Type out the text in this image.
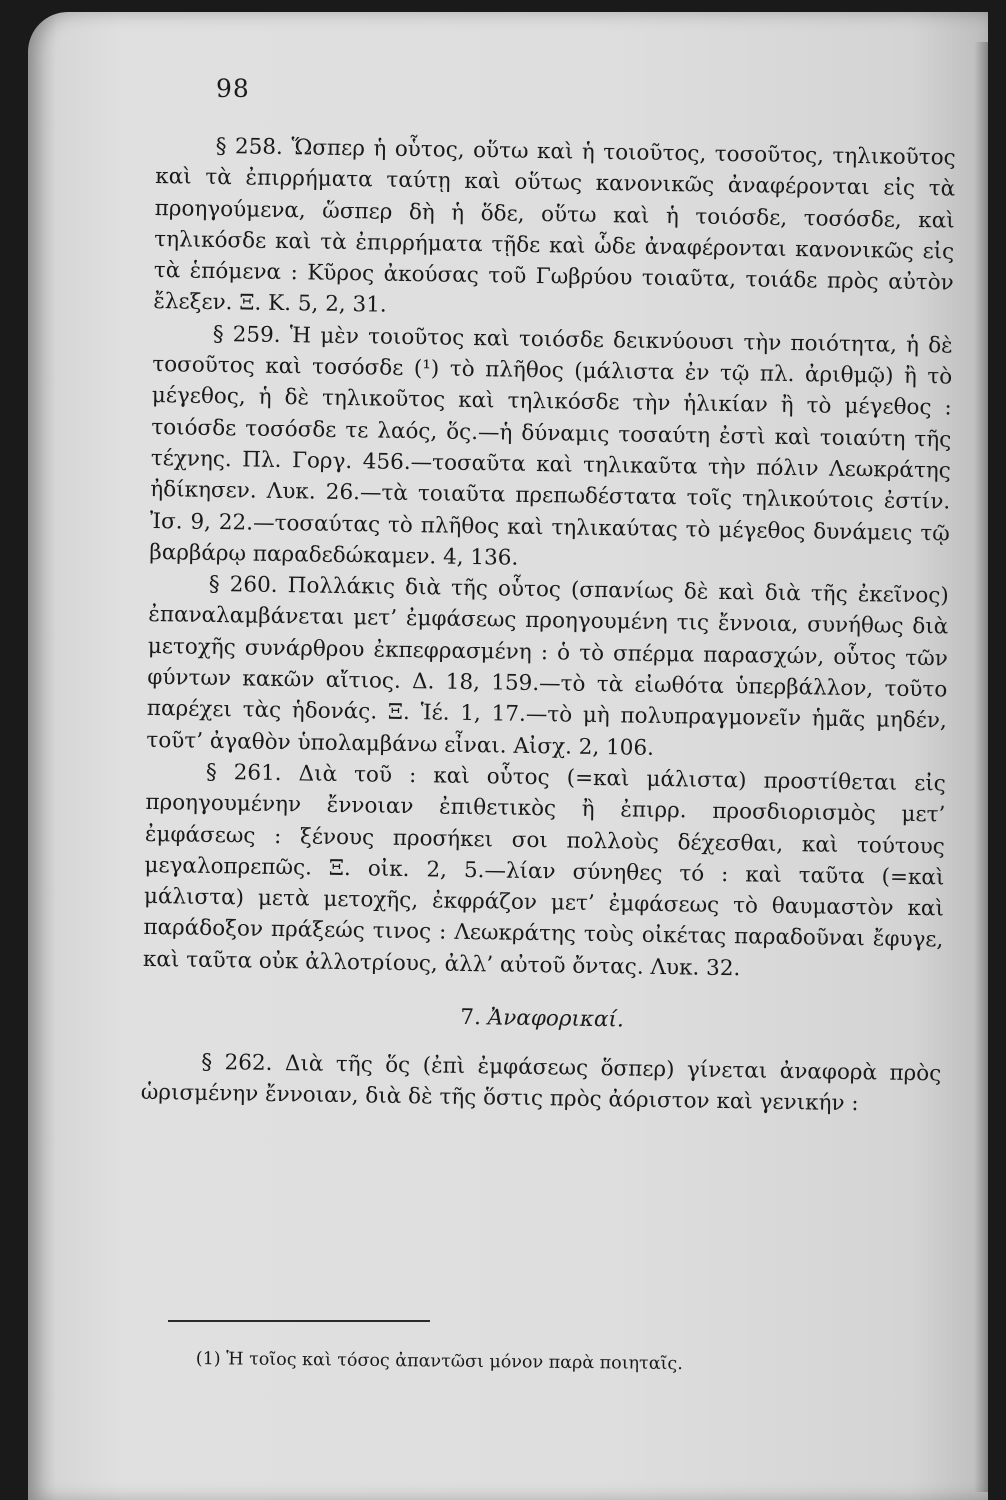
98

§ 258. Ὥσπερ ἡ οὗτος, οὕτω καὶ ἡ τοιοῦτος, τοσοῦτος, τηλικοῦτος καὶ τὰ ἐπιρρήματα ταύτῃ καὶ οὕτως κανονικῶς ἀναφέρονται εἰς τὰ προηγούμενα, ὥσπερ δὴ ἡ ὅδε, οὕτω καὶ ἡ τοιόσδε, τοσόσδε, καὶ τηλικόσδε καὶ τὰ ἐπιρρήματα τῇδε καὶ ὧδε ἀναφέρονται κανονικῶς εἰς τὰ ἑπόμενα : Κῦρος ἀκούσας τοῦ Γωβρύου τοιαῦτα, τοιάδε πρὸς αὐτὸν ἔλεξεν. Ξ. Κ. 5, 2, 31.

§ 259. Ἡ μὲν τοιοῦτος καὶ τοιόσδε δεικνύουσι τὴν ποιότητα, ἡ δὲ τοσοῦτος καὶ τοσόσδε (¹) τὸ πλῆθος (μάλιστα ἐν τῷ πλ. ἀριθμῷ) ἢ τὸ μέγεθος, ἡ δὲ τηλικοῦτος καὶ τηλικόσδε τὴν ἡλικίαν ἢ τὸ μέγεθος : τοιόσδε τοσόσδε τε λαός, ὅς.—ἡ δύναμις τοσαύτη ἐστὶ καὶ τοιαύτη τῆς τέχνης. Πλ. Γοργ. 456.—τοσαῦτα καὶ τηλικαῦτα τὴν πόλιν Λεωκράτης ἠδίκησεν. Λυκ. 26.—τὰ τοιαῦτα πρεπωδέστατα τοῖς τηλικούτοις ἐστίν. Ἰσ. 9, 22.—τοσαύτας τὸ πλῆθος καὶ τηλικαύτας τὸ μέγεθος δυνάμεις τῷ βαρβάρῳ παραδεδώκαμεν. 4, 136.

§ 260. Πολλάκις διὰ τῆς οὗτος (σπανίως δὲ καὶ διὰ τῆς ἐκεῖνος) ἐπαναλαμβάνεται μετ’ ἐμφάσεως προηγουμένη τις ἔννοια, συνήθως διὰ μετοχῆς συνάρθρου ἐκπεφρασμένη : ὁ τὸ σπέρμα παρασχών, οὗτος τῶν φύντων κακῶν αἴτιος. Δ. 18, 159.—τὸ τὰ εἰωθότα ὑπερβάλλον, τοῦτο παρέχει τὰς ἡδονάς. Ξ. Ἱέ. 1, 17.—τὸ μὴ πολυπραγμονεῖν ἡμᾶς μηδέν, τοῦτ’ ἀγαθὸν ὑπολαμβάνω εἶναι. Αἰσχ. 2, 106.

§ 261. Διὰ τοῦ : καὶ οὗτος (=καὶ μάλιστα) προστίθεται εἰς προηγουμένην ἔννοιαν ἐπιθετικὸς ἢ ἐπιρρ. προσδιορισμὸς μετ’ ἐμφάσεως : ξένους προσήκει σοι πολλοὺς δέχεσθαι, καὶ τούτους μεγαλοπρεπῶς. Ξ. οἰκ. 2, 5.—λίαν σύνηθες τό : καὶ ταῦτα (=καὶ μάλιστα) μετὰ μετοχῆς, ἐκφράζον μετ’ ἐμφάσεως τὸ θαυμαστὸν καὶ παράδοξον πράξεώς τινος : Λεωκράτης τοὺς οἰκέτας παραδοῦναι ἔφυγε, καὶ ταῦτα οὐκ ἀλλοτρίους, ἀλλ’ αὐτοῦ ὄντας. Λυκ. 32.

7. Ἀναφορικαί.

§ 262. Διὰ τῆς ὅς (ἐπὶ ἐμφάσεως ὅσπερ) γίνεται ἀναφορὰ πρὸς ὡρισμένην ἔννοιαν, διὰ δὲ τῆς ὅστις πρὸς ἀόριστον καὶ γενικήν :

(1) Ἡ τοῖος καὶ τόσος ἀπαντῶσι μόνον παρὰ ποιηταῖς.
